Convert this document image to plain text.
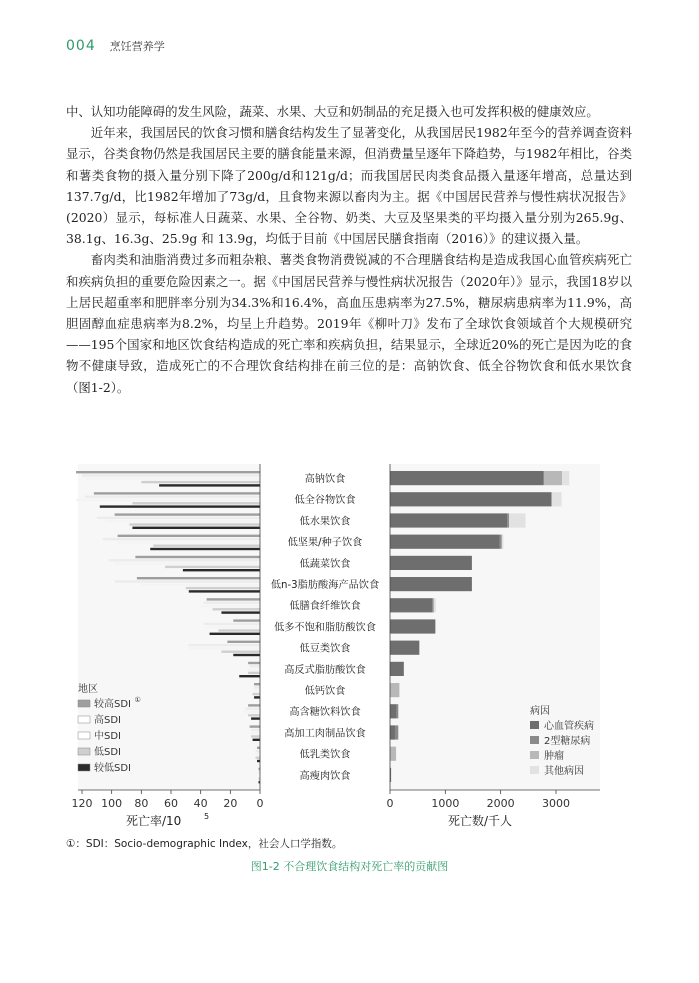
004 烹饪营养学

中、认知功能障碍的发生风险，蔬菜、水果、大豆和奶制品的充足摄入也可发挥积极的健康效应。

近年来，我国居民的饮食习惯和膳食结构发生了显著变化，从我国居民1982年至今的营养调查资料显示，谷类食物仍然是我国居民主要的膳食能量来源，但消费量呈逐年下降趋势，与1982年相比，谷类和薯类食物的摄入量分别下降了200g/d和121g/d；而我国居民肉类食品摄入量逐年增高，总量达到137.7g/d，比1982年增加了73g/d，且食物来源以畜肉为主。据《中国居民营养与慢性病状况报告》(2020）显示，每标准人日蔬菜、水果、全谷物、奶类、大豆及坚果类的平均摄入量分别为265.9g、38.1g、16.3g、25.9g 和 13.9g，均低于目前《中国居民膳食指南（2016）》的建议摄入量。

畜肉类和油脂消费过多而粗杂粮、薯类食物消费锐减的不合理膳食结构是造成我国心血管疾病死亡和疾病负担的重要危险因素之一。据《中国居民营养与慢性病状况报告（2020年）》显示，我国18岁以上居民超重率和肥胖率分别为34.3%和16.4%，高血压患病率为27.5%，糖尿病患病率为11.9%，高胆固醇血症患病率为8.2%，均呈上升趋势。2019年《柳叶刀》发布了全球饮食领域首个大规模研究——195个国家和地区饮食结构造成的死亡率和疾病负担，结果显示，全球近20%的死亡是因为吃的食物不健康导致，造成死亡的不合理饮食结构排在前三位的是：高钠饮食、低全谷物饮食和低水果饮食（图1-2）。

120 100 80 60 40 20 0
死亡率/10	5
地区
较高SDI ①
高SDI
中SDI
低SDI
较低SDI
高钠饮食
低全谷物饮食
低水果饮食
低坚果/种子饮食
低蔬菜饮食
低n-3脂肪酸海产品饮食
低膳食纤维饮食
低多不饱和脂肪酸饮食
低豆类饮食
高反式脂肪酸饮食
低钙饮食
高含糖饮料饮食
高加工肉制品饮食
低乳类饮食
高瘦肉饮食
0	1000 2000 3000
死亡数/千人
病因
心血管疾病
2型糖尿病
肿瘤
其他病因
①：SDI：Socio-demographic Index，社会人口学指数。
图1-2 不合理饮食结构对死亡率的贡献图
